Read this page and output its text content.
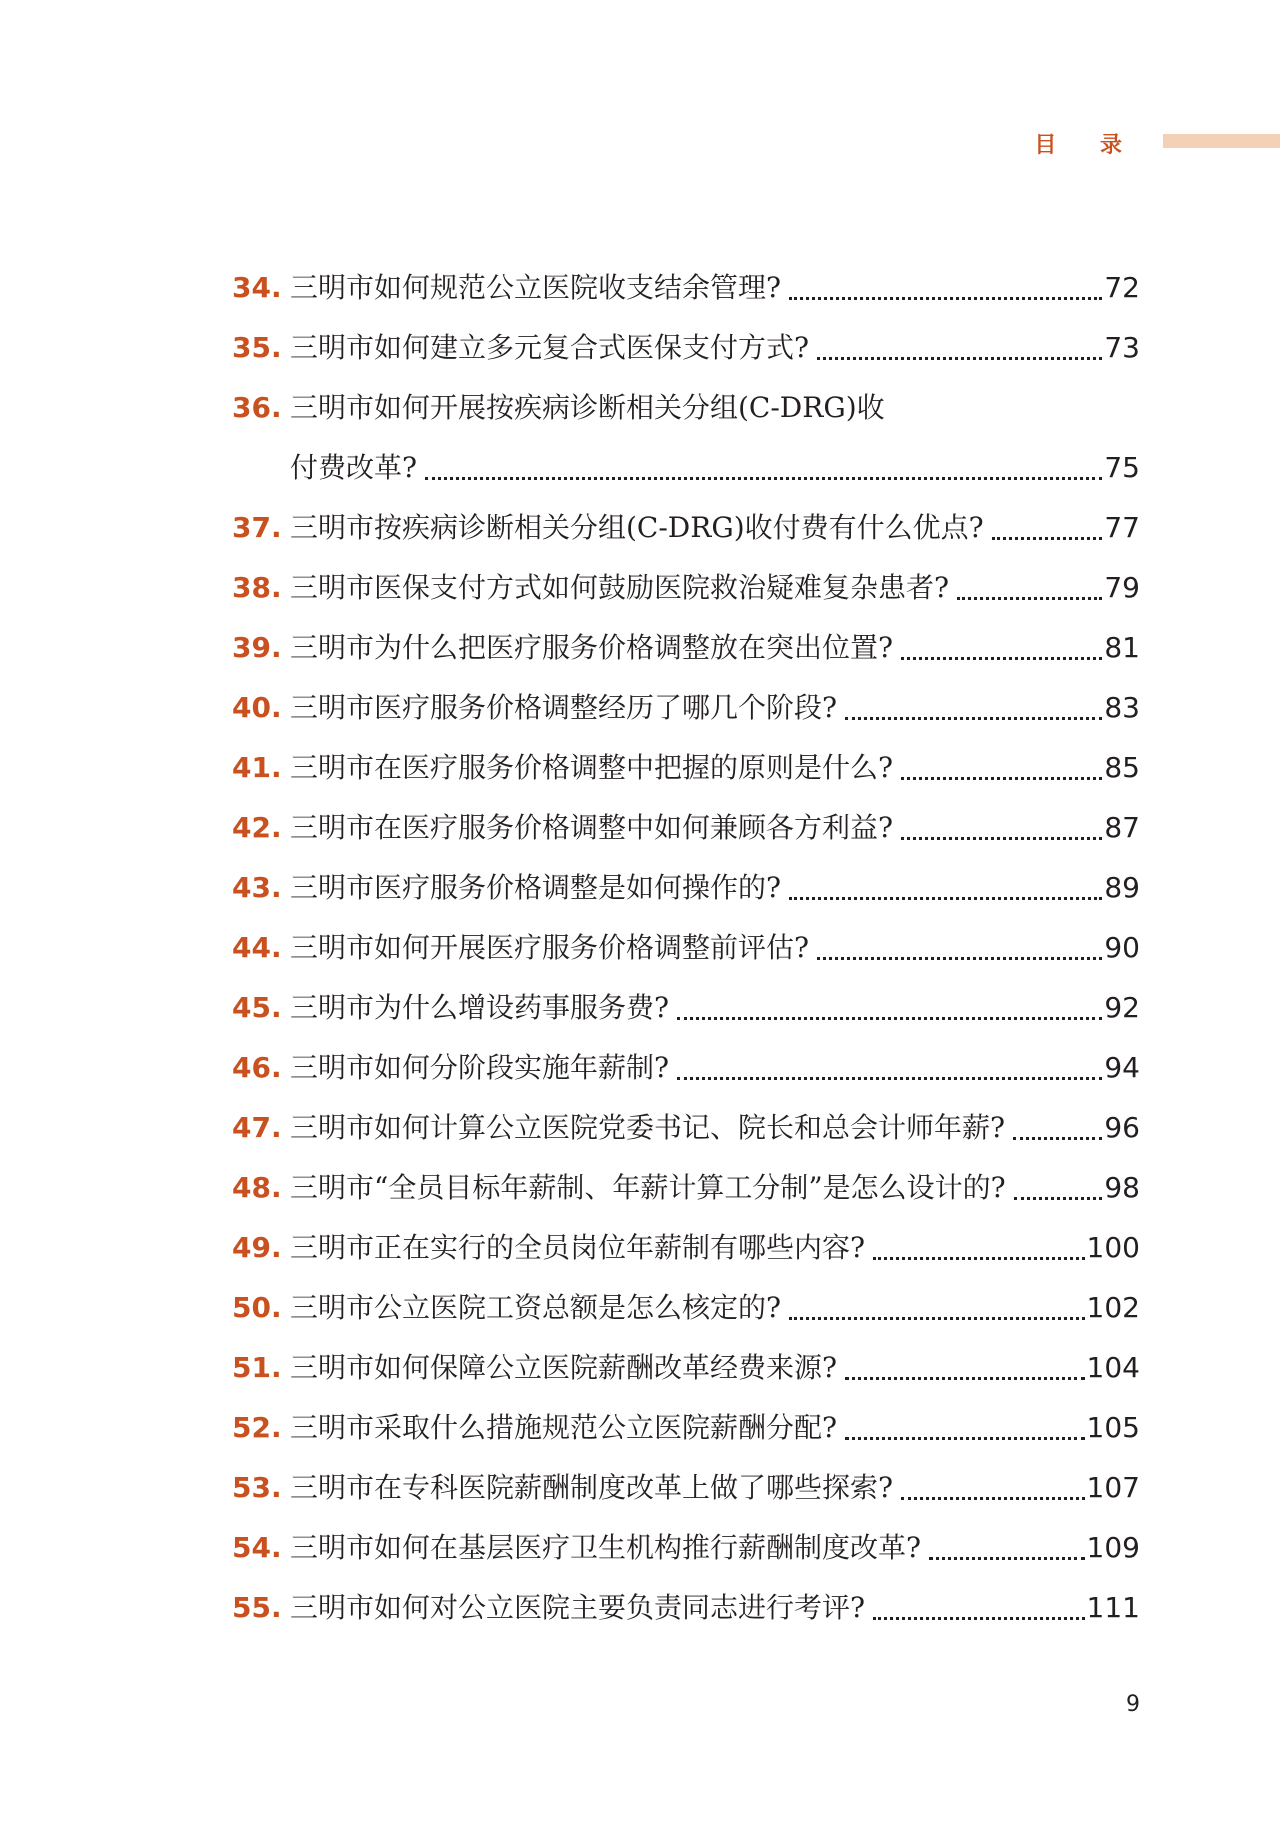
目 录
34. 三明市如何规范公立医院收支结余管理?	72
35. 三明市如何建立多元复合式医保支付方式?	73
36. 三明市如何开展按疾病诊断相关分组(C-DRG)收
付费改革?	75
37. 三明市按疾病诊断相关分组(C-DRG)收付费有什么优点?	77
38. 三明市医保支付方式如何鼓励医院救治疑难复杂患者?	79
39. 三明市为什么把医疗服务价格调整放在突出位置?	81
40. 三明市医疗服务价格调整经历了哪几个阶段?	83
41. 三明市在医疗服务价格调整中把握的原则是什么?	85
42. 三明市在医疗服务价格调整中如何兼顾各方利益?	87
43. 三明市医疗服务价格调整是如何操作的?	89
44. 三明市如何开展医疗服务价格调整前评估?	90
45. 三明市为什么增设药事服务费?	92
46. 三明市如何分阶段实施年薪制?	94
47. 三明市如何计算公立医院党委书记、院长和总会计师年薪?	96
48. 三明市“全员目标年薪制、年薪计算工分制”是怎么设计的?	98
49. 三明市正在实行的全员岗位年薪制有哪些内容?	100
50. 三明市公立医院工资总额是怎么核定的?	102
51. 三明市如何保障公立医院薪酬改革经费来源?	104
52. 三明市采取什么措施规范公立医院薪酬分配?	105
53. 三明市在专科医院薪酬制度改革上做了哪些探索?	107
54. 三明市如何在基层医疗卫生机构推行薪酬制度改革?	109
55. 三明市如何对公立医院主要负责同志进行考评?	111
9
